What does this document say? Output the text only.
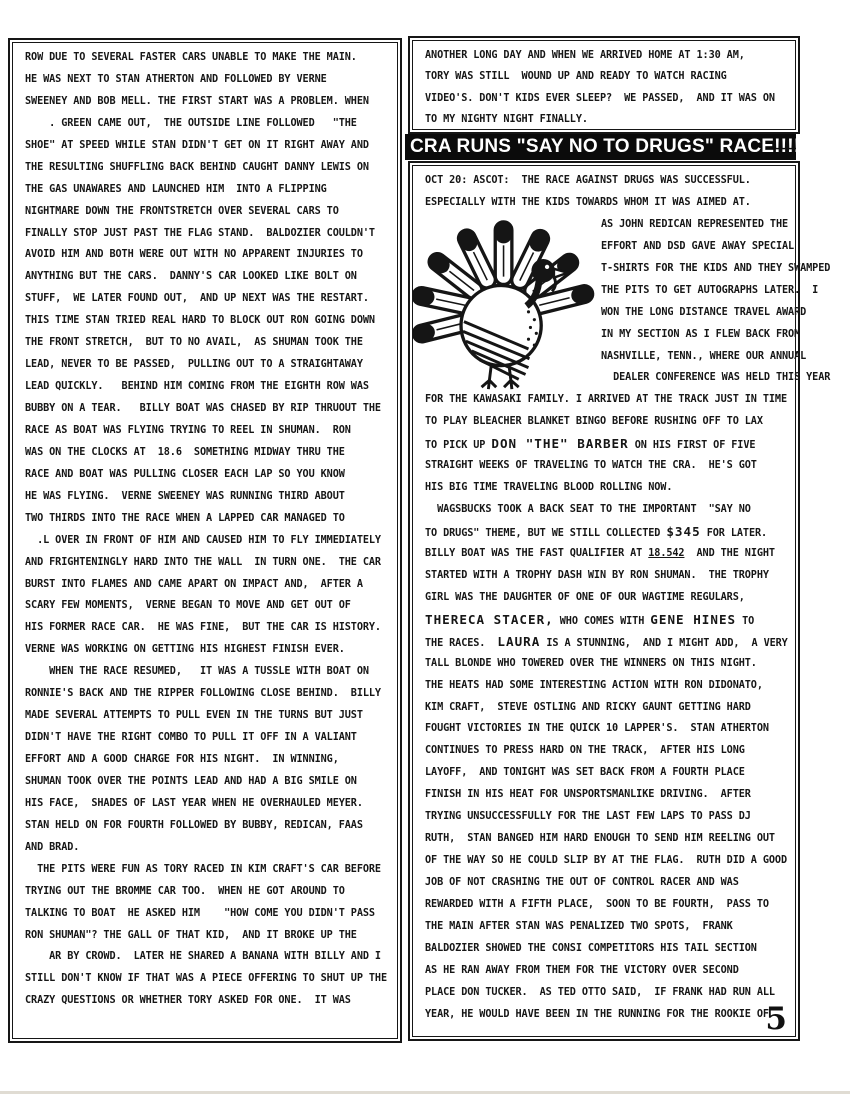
ROW DUE TO SEVERAL FASTER CARS UNABLE TO MAKE THE MAIN.
HE WAS NEXT TO STAN ATHERTON AND FOLLOWED BY VERNE
SWEENEY AND BOB MELL. THE FIRST START WAS A PROBLEM. WHEN
. GREEN CAME OUT,  THE OUTSIDE LINE FOLLOWED   "THE
SHOE" AT SPEED WHILE STAN DIDN'T GET ON IT RIGHT AWAY AND
THE RESULTING SHUFFLING BACK BEHIND CAUGHT DANNY LEWIS ON
THE GAS UNAWARES AND LAUNCHED HIM  INTO A FLIPPING
NIGHTMARE DOWN THE FRONTSTRETCH OVER SEVERAL CARS TO
FINALLY STOP JUST PAST THE FLAG STAND.  BALDOZIER COULDN'T
AVOID HIM AND BOTH WERE OUT WITH NO APPARENT INJURIES TO
ANYTHING BUT THE CARS.  DANNY'S CAR LOOKED LIKE BOLT ON
STUFF,  WE LATER FOUND OUT,  AND UP NEXT WAS THE RESTART.
THIS TIME STAN TRIED REAL HARD TO BLOCK OUT RON GOING DOWN
THE FRONT STRETCH,  BUT TO NO AVAIL,  AS SHUMAN TOOK THE
LEAD, NEVER TO BE PASSED,  PULLING OUT TO A STRAIGHTAWAY
LEAD QUICKLY.   BEHIND HIM COMING FROM THE EIGHTH ROW WAS
BUBBY ON A TEAR.   BILLY BOAT WAS CHASED BY RIP THRUOUT THE
RACE AS BOAT WAS FLYING TRYING TO REEL IN SHUMAN.  RON
WAS ON THE CLOCKS AT  18.6  SOMETHING MIDWAY THRU THE
RACE AND BOAT WAS PULLING CLOSER EACH LAP SO YOU KNOW
HE WAS FLYING.  VERNE SWEENEY WAS RUNNING THIRD ABOUT
TWO THIRDS INTO THE RACE WHEN A LAPPED CAR MANAGED TO
.L OVER IN FRONT OF HIM AND CAUSED HIM TO FLY IMMEDIATELY
AND FRIGHTENINGLY HARD INTO THE WALL  IN TURN ONE.  THE CAR
BURST INTO FLAMES AND CAME APART ON IMPACT AND,  AFTER A
SCARY FEW MOMENTS,  VERNE BEGAN TO MOVE AND GET OUT OF
HIS FORMER RACE CAR.  HE WAS FINE,  BUT THE CAR IS HISTORY.
VERNE WAS WORKING ON GETTING HIS HIGHEST FINISH EVER.
WHEN THE RACE RESUMED,   IT WAS A TUSSLE WITH BOAT ON
RONNIE'S BACK AND THE RIPPER FOLLOWING CLOSE BEHIND.  BILLY
MADE SEVERAL ATTEMPTS TO PULL EVEN IN THE TURNS BUT JUST
DIDN'T HAVE THE RIGHT COMBO TO PULL IT OFF IN A VALIANT
EFFORT AND A GOOD CHARGE FOR HIS NIGHT.  IN WINNING,
SHUMAN TOOK OVER THE POINTS LEAD AND HAD A BIG SMILE ON
HIS FACE,  SHADES OF LAST YEAR WHEN HE OVERHAULED MEYER.
STAN HELD ON FOR FOURTH FOLLOWED BY BUBBY, REDICAN, FAAS
AND BRAD.
THE PITS WERE FUN AS TORY RACED IN KIM CRAFT'S CAR BEFORE
TRYING OUT THE BROMME CAR TOO.  WHEN HE GOT AROUND TO
TALKING TO BOAT  HE ASKED HIM    "HOW COME YOU DIDN'T PASS
RON SHUMAN"? THE GALL OF THAT KID,  AND IT BROKE UP THE
AR BY CROWD.  LATER HE SHARED A BANANA WITH BILLY AND I
STILL DON'T KNOW IF THAT WAS A PIECE OFFERING TO SHUT UP THE
CRAZY QUESTIONS OR WHETHER TORY ASKED FOR ONE.  IT WAS
ANOTHER LONG DAY AND WHEN WE ARRIVED HOME AT 1:30 AM,
TORY WAS STILL  WOUND UP AND READY TO WATCH RACING
VIDEO'S. DON'T KIDS EVER SLEEP?  WE PASSED,  AND IT WAS ON
TO MY NIGHTY NIGHT FINALLY.
CRA RUNS "SAY NO TO DRUGS" RACE!!!!!!
OCT 20: ASCOT:  THE RACE AGAINST DRUGS WAS SUCCESSFUL.
ESPECIALLY WITH THE KIDS TOWARDS WHOM IT WAS AIMED AT.
AS JOHN REDICAN REPRESENTED THE
EFFORT AND DSD GAVE AWAY SPECIAL
T-SHIRTS FOR THE KIDS AND THEY SWAMPED
THE PITS TO GET AUTOGRAPHS LATER.  I
WON THE LONG DISTANCE TRAVEL AWARD
IN MY SECTION AS I FLEW BACK FROM
NASHVILLE, TENN., WHERE OUR ANNUAL
DEALER CONFERENCE WAS HELD THIS YEAR
FOR THE KAWASAKI FAMILY. I ARRIVED AT THE TRACK JUST IN TIME
TO PLAY BLEACHER BLANKET BINGO BEFORE RUSHING OFF TO LAX
TO PICK UP DON "THE" BARBER ON HIS FIRST OF FIVE
STRAIGHT WEEKS OF TRAVELING TO WATCH THE CRA.  HE'S GOT
HIS BIG TIME TRAVELING BLOOD ROLLING NOW.
WAGSBUCKS TOOK A BACK SEAT TO THE IMPORTANT  "SAY NO
TO DRUGS" THEME, BUT WE STILL COLLECTED $345 FOR LATER.
BILLY BOAT WAS THE FAST QUALIFIER AT 18.542  AND THE NIGHT
STARTED WITH A TROPHY DASH WIN BY RON SHUMAN.  THE TROPHY
GIRL WAS THE DAUGHTER OF ONE OF OUR WAGTIME REGULARS,
THERECA STACER, WHO COMES WITH GENE HINES TO
THE RACES.  LAURA IS A STUNNING,  AND I MIGHT ADD,  A VERY
TALL BLONDE WHO TOWERED OVER THE WINNERS ON THIS NIGHT.
THE HEATS HAD SOME INTERESTING ACTION WITH RON DIDONATO,
KIM CRAFT,  STEVE OSTLING AND RICKY GAUNT GETTING HARD
FOUGHT VICTORIES IN THE QUICK 10 LAPPER'S.  STAN ATHERTON
CONTINUES TO PRESS HARD ON THE TRACK,  AFTER HIS LONG
LAYOFF,  AND TONIGHT WAS SET BACK FROM A FOURTH PLACE
FINISH IN HIS HEAT FOR UNSPORTSMANLIKE DRIVING.  AFTER
TRYING UNSUCCESSFULLY FOR THE LAST FEW LAPS TO PASS DJ
RUTH,  STAN BANGED HIM HARD ENOUGH TO SEND HIM REELING OUT
OF THE WAY SO HE COULD SLIP BY AT THE FLAG.  RUTH DID A GOOD
JOB OF NOT CRASHING THE OUT OF CONTROL RACER AND WAS
REWARDED WITH A FIFTH PLACE,  SOON TO BE FOURTH,  PASS TO
THE MAIN AFTER STAN WAS PENALIZED TWO SPOTS,  FRANK
BALDOZIER SHOWED THE CONSI COMPETITORS HIS TAIL SECTION
AS HE RAN AWAY FROM THEM FOR THE VICTORY OVER SECOND
PLACE DON TUCKER.  AS TED OTTO SAID,  IF FRANK HAD RUN ALL
YEAR, HE WOULD HAVE BEEN IN THE RUNNING FOR THE ROOKIE OF
5
